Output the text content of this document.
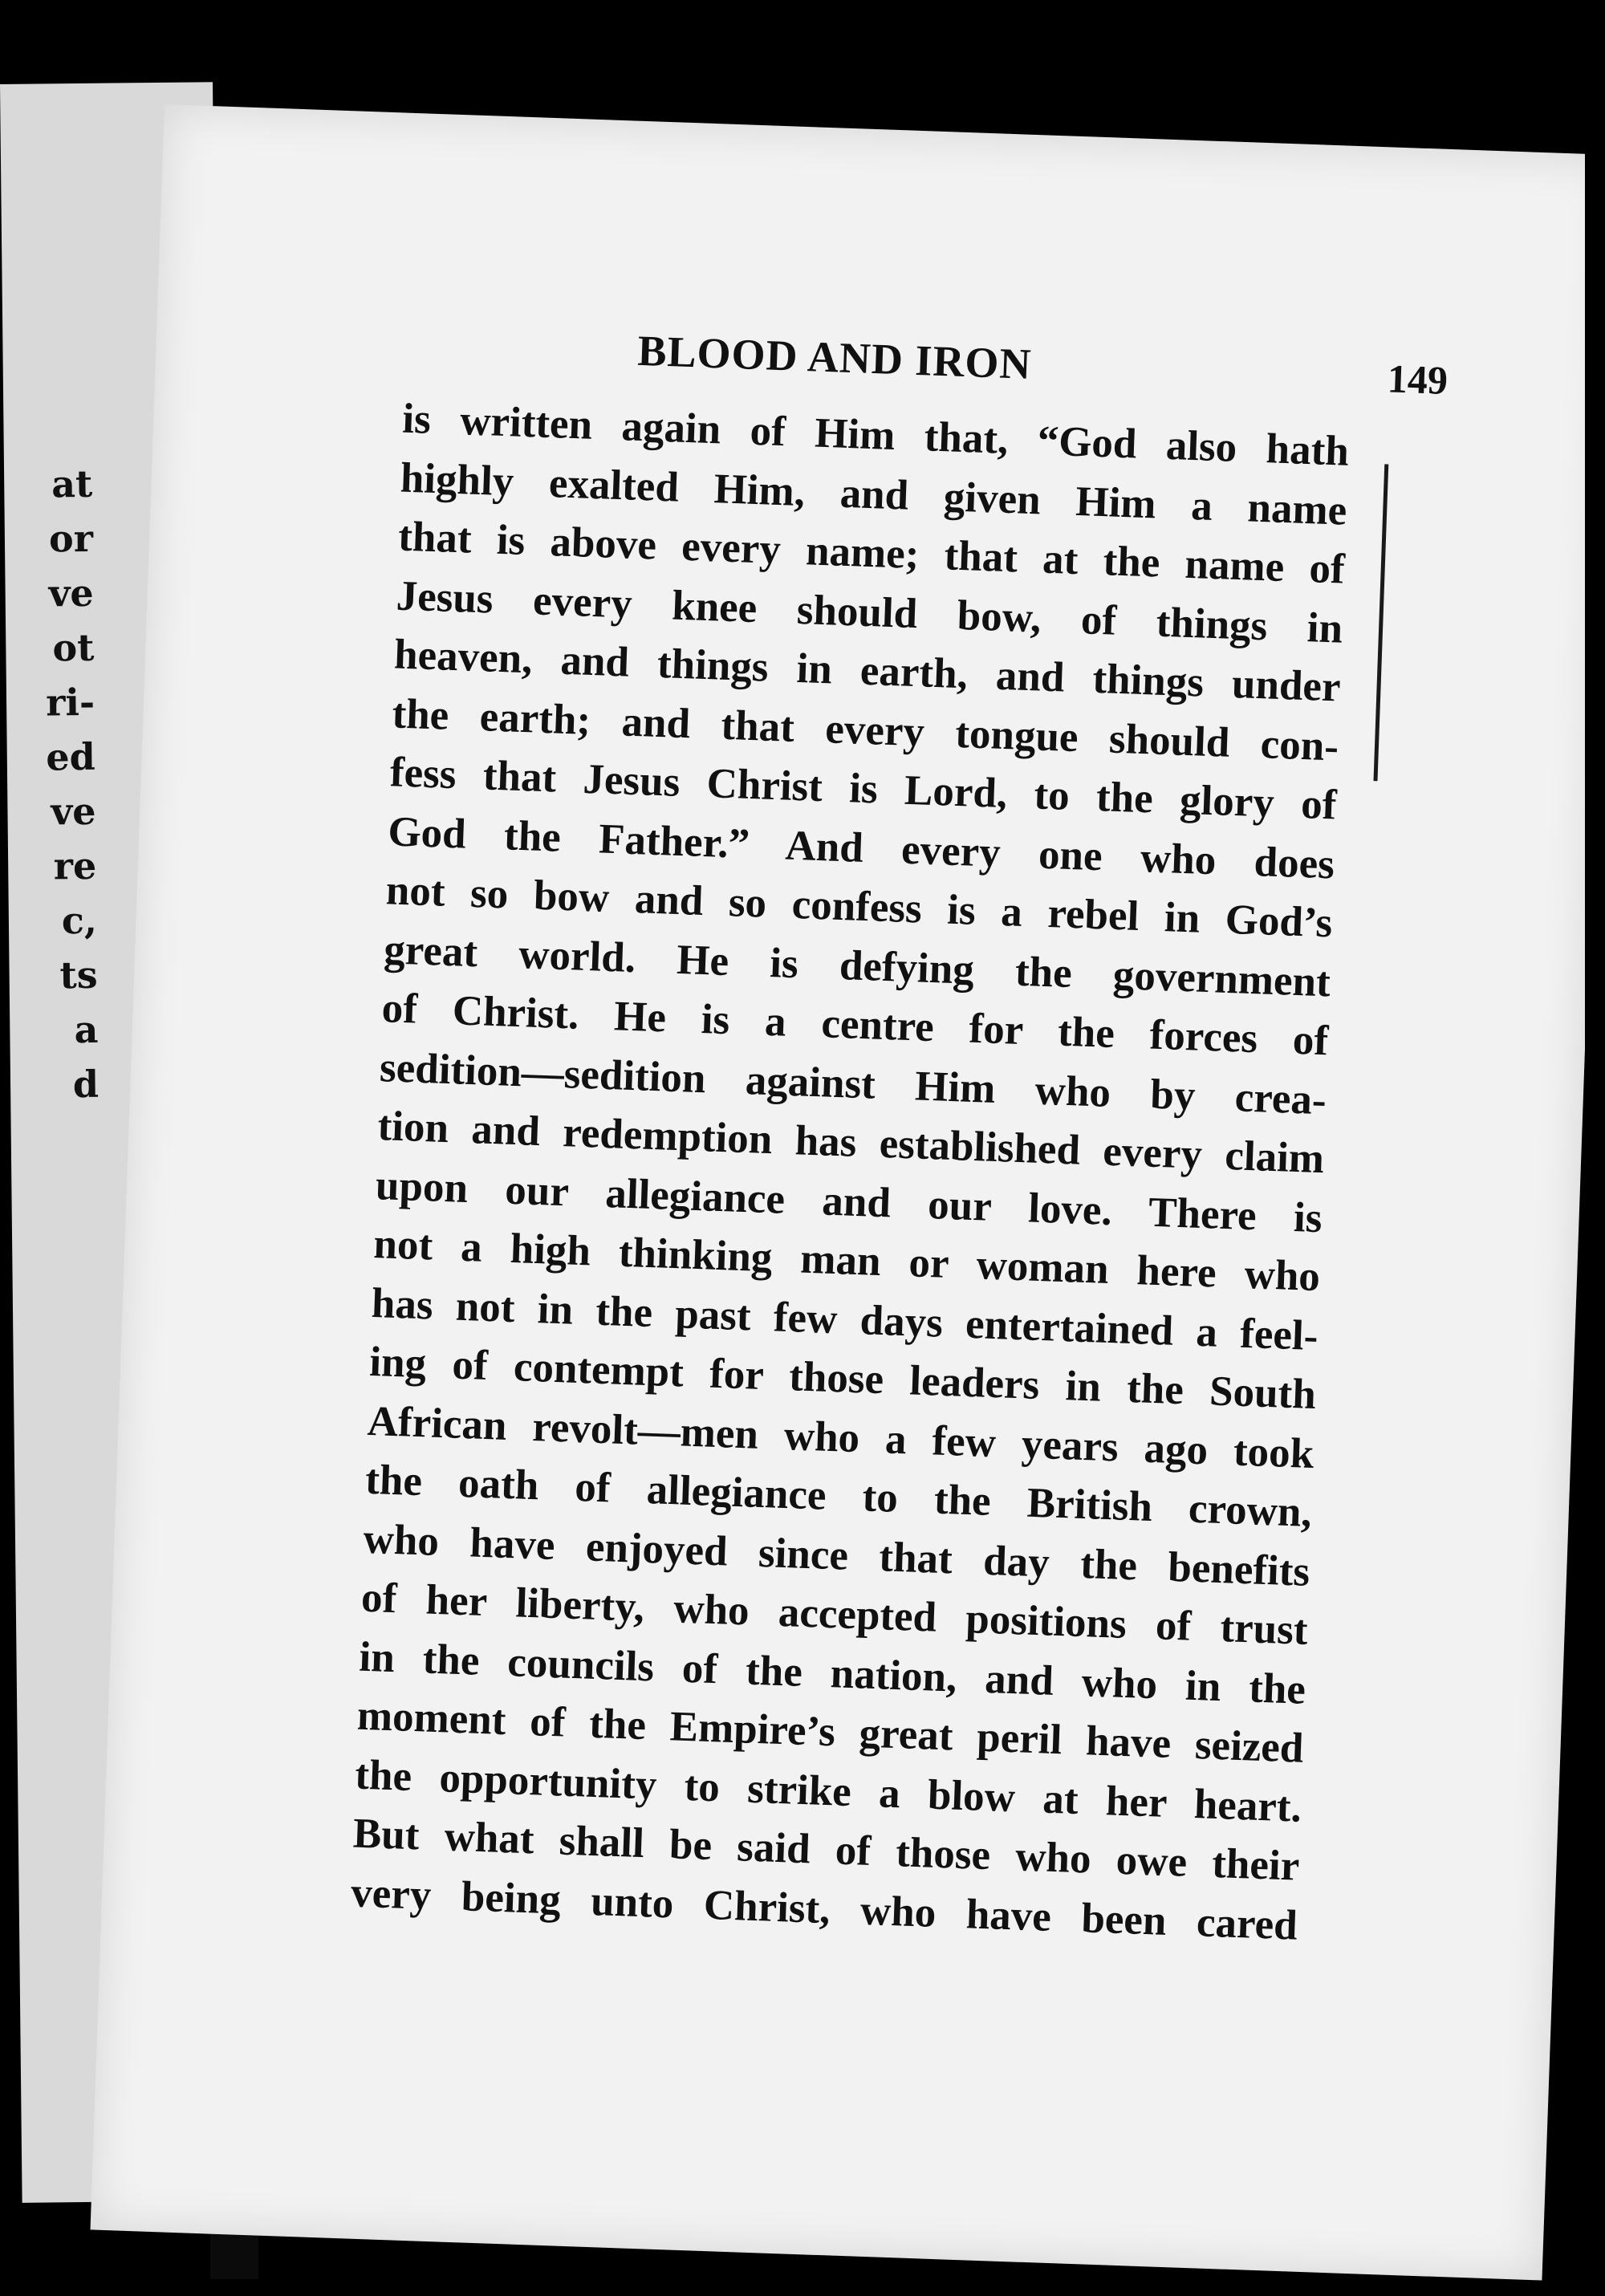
at
or
ve
ot
ri-
ed
ve
re
c,
ts
a
d
BLOOD AND IRON	149
is written again of Him that, “God also hath
highly exalted Him, and given Him a name
that is above every name; that at the name of
Jesus every knee should bow, of things in
heaven, and things in earth, and things under
the earth; and that every tongue should con-
fess that Jesus Christ is Lord, to the glory of
God the Father.” And every one who does
not so bow and so confess is a rebel in God’s
great world. He is defying the government
of Christ. He is a centre for the forces of
sedition—sedition against Him who by crea-
tion and redemption has established every claim
upon our allegiance and our love. There is
not a high thinking man or woman here who
has not in the past few days entertained a feel-
ing of contempt for those leaders in the South
African revolt—men who a few years ago took
the oath of allegiance to the British crown,
who have enjoyed since that day the benefits
of her liberty, who accepted positions of trust
in the councils of the nation, and who in the
moment of the Empire’s great peril have seized
the opportunity to strike a blow at her heart.
But what shall be said of those who owe their
very being unto Christ, who have been cared
